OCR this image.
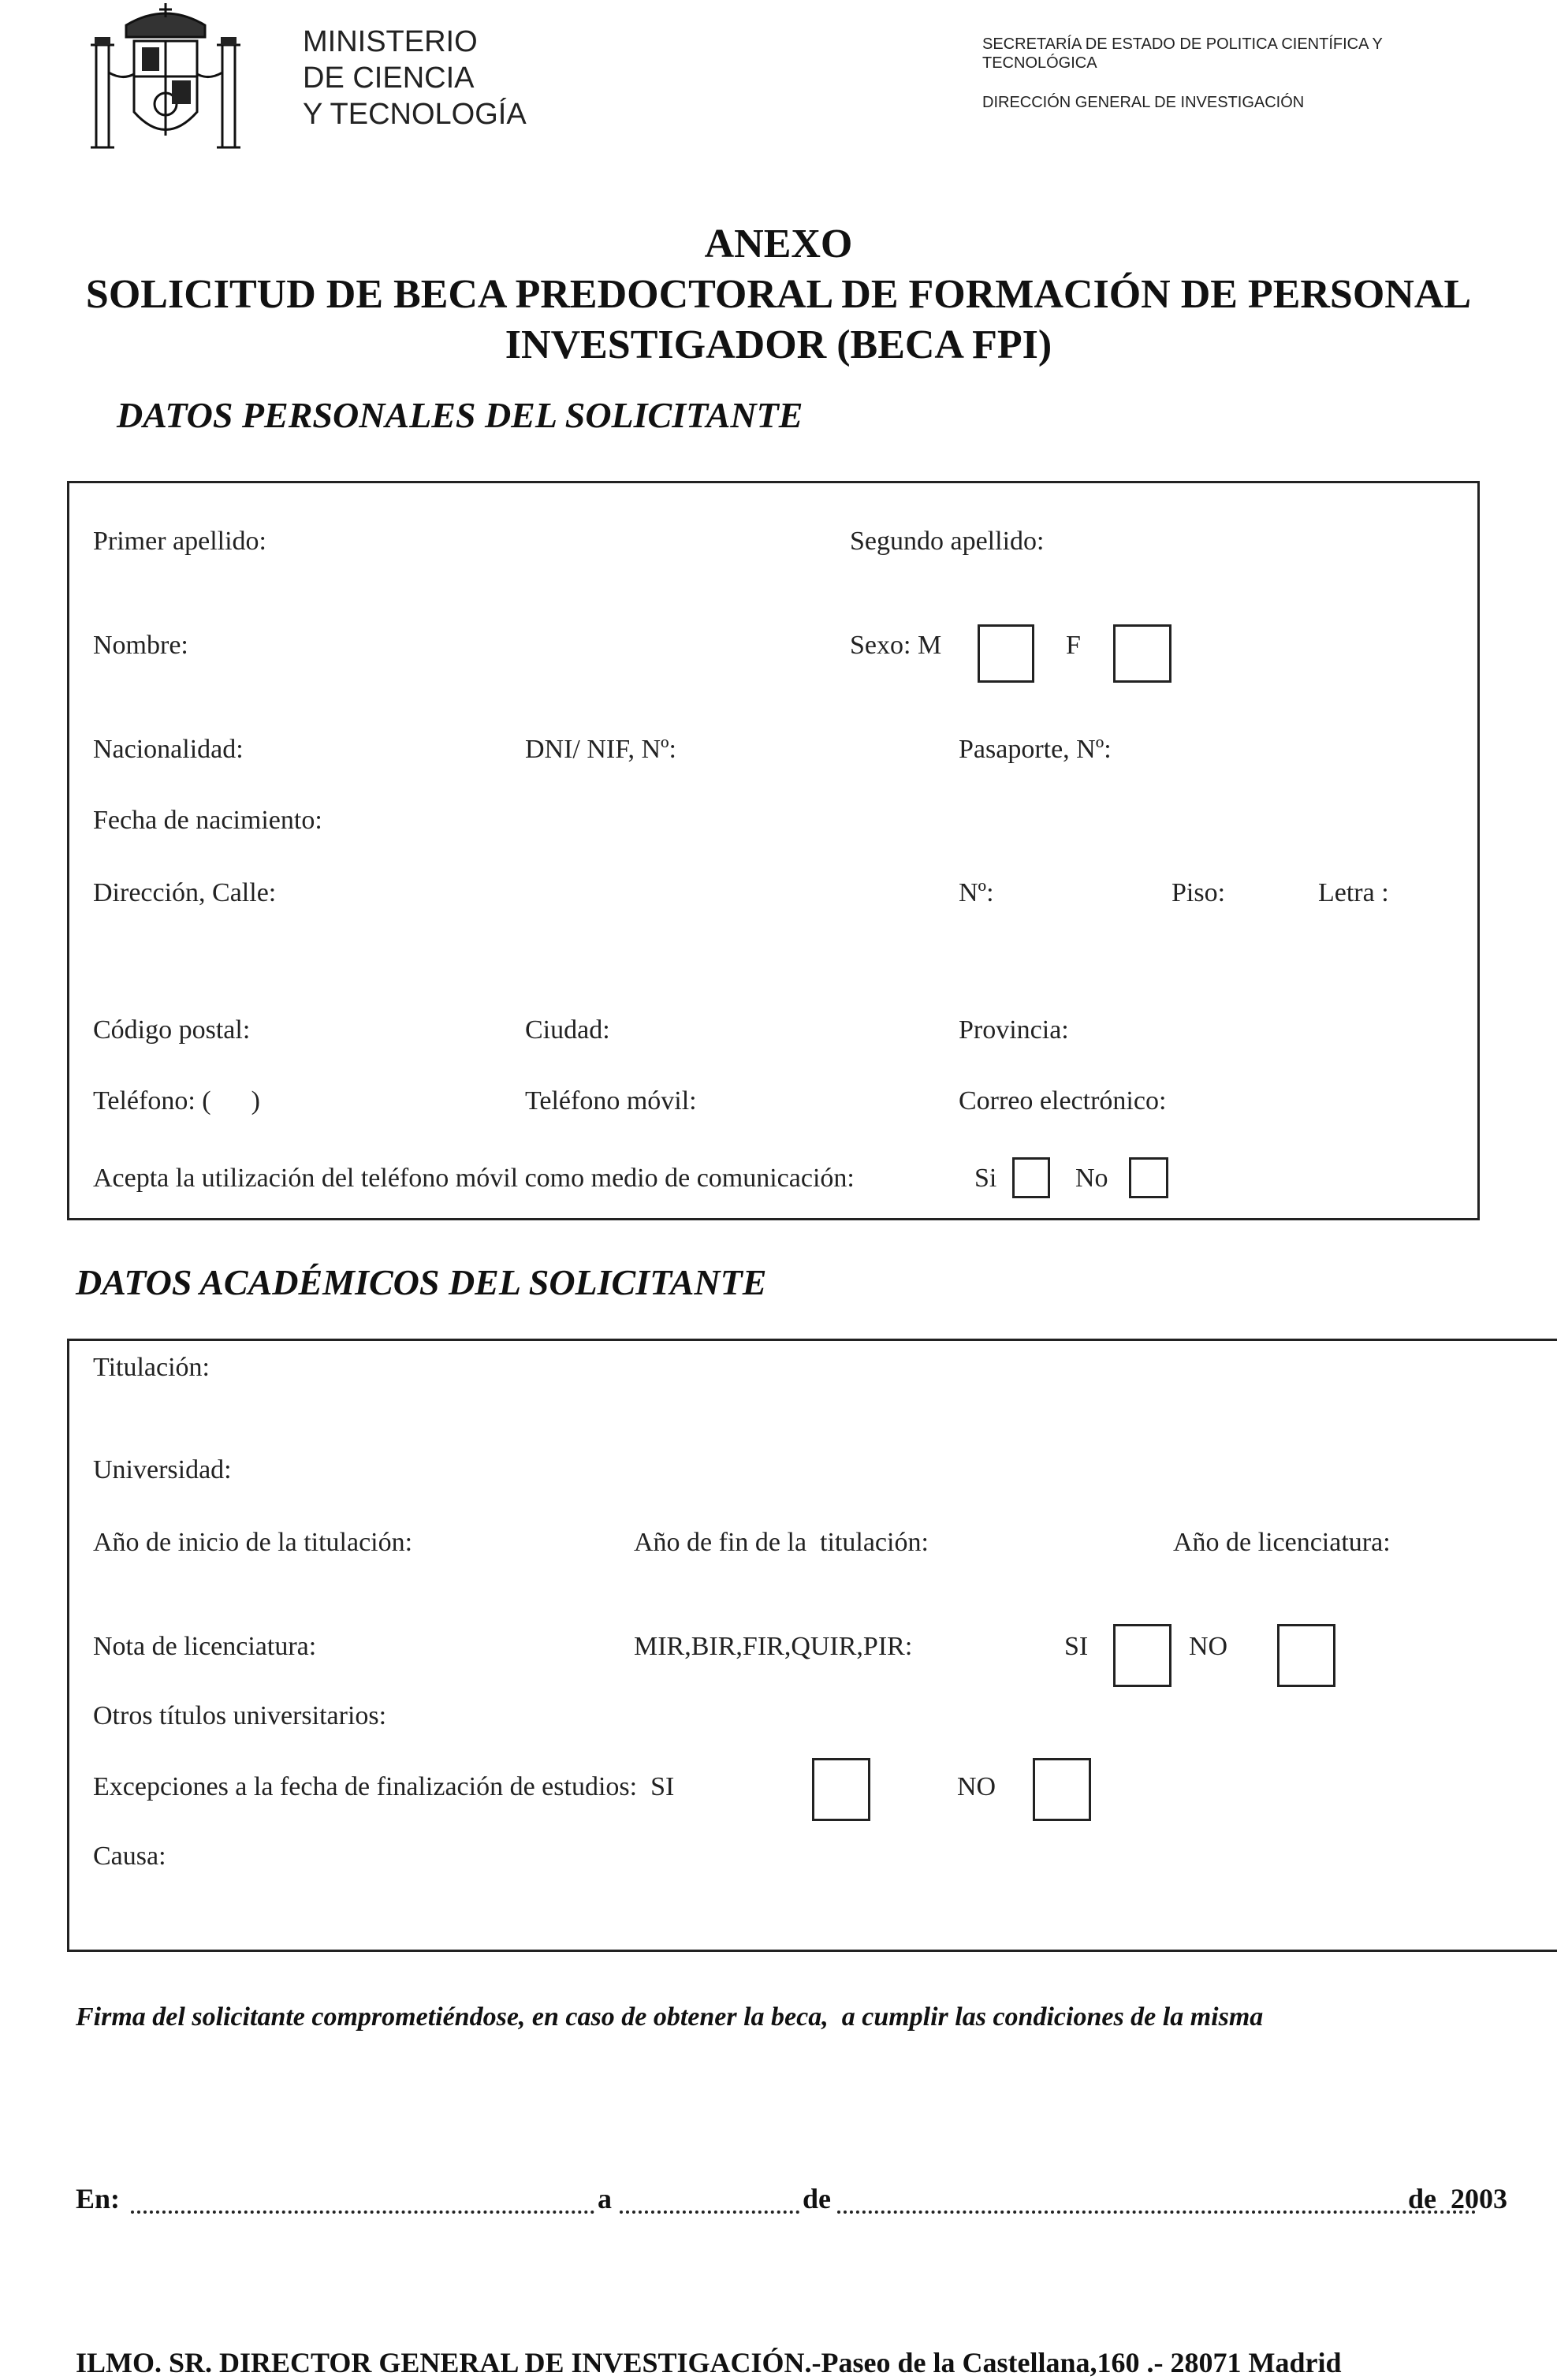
MINISTERIO
DE CIENCIA
Y TECNOLOGÍA
SECRETARÍA DE ESTADO DE POLITICA CIENTÍFICA Y
TECNOLÓGICA
DIRECCIÓN GENERAL DE INVESTIGACIÓN
ANEXO
SOLICITUD DE BECA PREDOCTORAL DE FORMACIÓN DE PERSONAL
INVESTIGADOR (BECA FPI)
DATOS PERSONALES DEL SOLICITANTE
Primer apellido:	Segundo apellido:
Nombre:	Sexo: M	F
Nacionalidad:	DNI/ NIF, Nº:	Pasaporte, Nº:
Fecha de nacimiento:
Dirección, Calle:	Nº:	Piso:	Letra :
Código postal:	Ciudad:	Provincia:
Teléfono: (      )	Teléfono móvil:	Correo electrónico:
Acepta la utilización del teléfono móvil como medio de comunicación:	Si	No
DATOS ACADÉMICOS DEL SOLICITANTE
Titulación:
Universidad:
Año de inicio de la titulación:	Año de fin de la  titulación:	Año de licenciatura:
Nota de licenciatura:	MIR,BIR,FIR,QUIR,PIR:	SI	NO
Otros títulos universitarios:
Excepciones a la fecha de finalización de estudios:  SI	NO
Causa:
Firma del solicitante comprometiéndose, en caso de obtener la beca,  a cumplir las condiciones de la misma
En:	a	de	de  2003
ILMO. SR. DIRECTOR GENERAL DE INVESTIGACIÓN.-Paseo de la Castellana,160 .- 28071 Madrid
